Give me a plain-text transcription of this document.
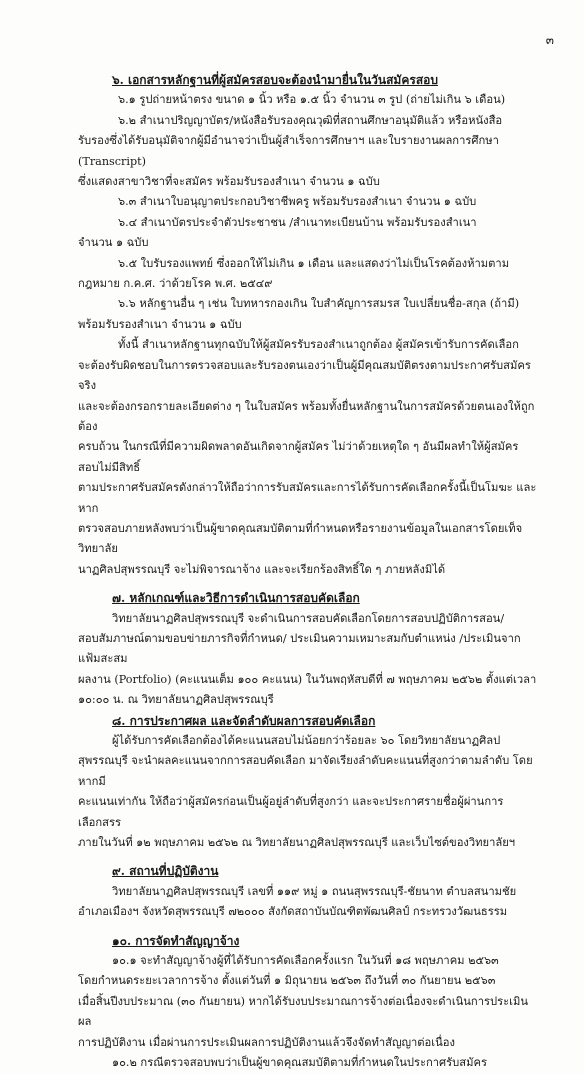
๓

๖. เอกสารหลักฐานที่ผู้สมัครสอบจะต้องนำมายื่นในวันสมัครสอบ

๖.๑ รูปถ่ายหน้าตรง ขนาด ๑ นิ้ว หรือ ๑.๕ นิ้ว จำนวน ๓ รูป (ถ่ายไม่เกิน ๖ เดือน)

๖.๒ สำเนาปริญญาบัตร/หนังสือรับรองคุณวุฒิที่สถานศึกษาอนุมัติแล้ว หรือหนังสือ

รับรองซึ่งได้รับอนุมัติจากผู้มีอำนาจว่าเป็นผู้สำเร็จการศึกษาฯ และใบรายงานผลการศึกษา (Transcript)

ซึ่งแสดงสาขาวิชาที่จะสมัคร พร้อมรับรองสำเนา จำนวน ๑ ฉบับ

๖.๓ สำเนาใบอนุญาตประกอบวิชาชีพครู พร้อมรับรองสำเนา จำนวน ๑ ฉบับ

๖.๔ สำเนาบัตรประจำตัวประชาชน /สำเนาทะเบียนบ้าน พร้อมรับรองสำเนา

จำนวน ๑ ฉบับ

๖.๕ ใบรับรองแพทย์ ซึ่งออกให้ไม่เกิน ๑ เดือน และแสดงว่าไม่เป็นโรคต้องห้ามตาม

กฎหมาย ก.ค.ศ. ว่าด้วยโรค พ.ศ. ๒๕๔๙

๖.๖ หลักฐานอื่น ๆ เช่น ใบทหารกองเกิน ใบสำคัญการสมรส ใบเปลี่ยนชื่อ-สกุล (ถ้ามี)

พร้อมรับรองสำเนา จำนวน ๑ ฉบับ

ทั้งนี้ สำเนาหลักฐานทุกฉบับให้ผู้สมัครรับรองสำเนาถูกต้อง ผู้สมัครเข้ารับการคัดเลือก

จะต้องรับผิดชอบในการตรวจสอบและรับรองตนเองว่าเป็นผู้มีคุณสมบัติตรงตามประกาศรับสมัครจริง

และจะต้องกรอกรายละเอียดต่าง ๆ ในใบสมัคร พร้อมทั้งยื่นหลักฐานในการสมัครด้วยตนเองให้ถูกต้อง

ครบถ้วน ในกรณีที่มีความผิดพลาดอันเกิดจากผู้สมัคร ไม่ว่าด้วยเหตุใด ๆ อันมีผลทำให้ผู้สมัครสอบไม่มีสิทธิ์

ตามประกาศรับสมัครดังกล่าวให้ถือว่าการรับสมัครและการได้รับการคัดเลือกครั้งนี้เป็นโมฆะ และหาก

ตรวจสอบภายหลังพบว่าเป็นผู้ขาดคุณสมบัติตามที่กำหนดหรือรายงานข้อมูลในเอกสารโดยเท็จ วิทยาลัย

นาฏศิลปสุพรรณบุรี จะไม่พิจารณาจ้าง และจะเรียกร้องสิทธิ์ใด ๆ ภายหลังมิได้

๗. หลักเกณฑ์และวิธีการดำเนินการสอบคัดเลือก

วิทยาลัยนาฏศิลปสุพรรณบุรี จะดำเนินการสอบคัดเลือกโดยการสอบปฏิบัติการสอน/

สอบสัมภาษณ์ตามขอบข่ายภารกิจที่กำหนด/ ประเมินความเหมาะสมกับตำแหน่ง /ประเมินจากแฟ้มสะสม

ผลงาน (Portfolio) (คะแนนเต็ม ๑๐๐ คะแนน) ในวันพฤหัสบดีที่ ๗ พฤษภาคม ๒๕๖๒ ตั้งแต่เวลา

๑๐:๐๐ น. ณ วิทยาลัยนาฏศิลปสุพรรณบุรี

๘. การประกาศผล และจัดลำดับผลการสอบคัดเลือก

ผู้ได้รับการคัดเลือกต้องได้คะแนนสอบไม่น้อยกว่าร้อยละ ๖๐ โดยวิทยาลัยนาฏศิลป

สุพรรณบุรี จะนำผลคะแนนจากการสอบคัดเลือก มาจัดเรียงลำดับคะแนนที่สูงกว่าตามลำดับ โดยหากมี

คะแนนเท่ากัน ให้ถือว่าผู้สมัครก่อนเป็นผู้อยู่ลำดับที่สูงกว่า และจะประกาศรายชื่อผู้ผ่านการเลือกสรร

ภายในวันที่ ๑๒ พฤษภาคม ๒๕๖๒ ณ วิทยาลัยนาฏศิลปสุพรรณบุรี และเว็บไซต์ของวิทยาลัยฯ

๙. สถานที่ปฏิบัติงาน

วิทยาลัยนาฏศิลปสุพรรณบุรี เลขที่ ๑๑๙ หมู่ ๑ ถนนสุพรรณบุรี-ชัยนาท ตำบลสนามชัย

อำเภอเมืองฯ จังหวัดสุพรรณบุรี ๗๒๐๐๐ สังกัดสถาบันบัณฑิตพัฒนศิลป์ กระทรวงวัฒนธรรม

๑๐. การจัดทำสัญญาจ้าง

๑๐.๑ จะทำสัญญาจ้างผู้ที่ได้รับการคัดเลือกครั้งแรก ในวันที่ ๑๘ พฤษภาคม ๒๕๖๓

โดยกำหนดระยะเวลาการจ้าง ตั้งแต่วันที่ ๑ มิถุนายน ๒๕๖๓ ถึงวันที่ ๓๐ กันยายน ๒๕๖๓

เมื่อสิ้นปีงบประมาณ (๓๐ กันยายน) หากได้รับงบประมาณการจ้างต่อเนื่องจะดำเนินการประเมินผล

การปฏิบัติงาน เมื่อผ่านการประเมินผลการปฏิบัติงานแล้วจึงจัดทำสัญญาต่อเนื่อง

๑๐.๒ กรณีตรวจสอบพบว่าเป็นผู้ขาดคุณสมบัติตามที่กำหนดในประกาศรับสมัคร
